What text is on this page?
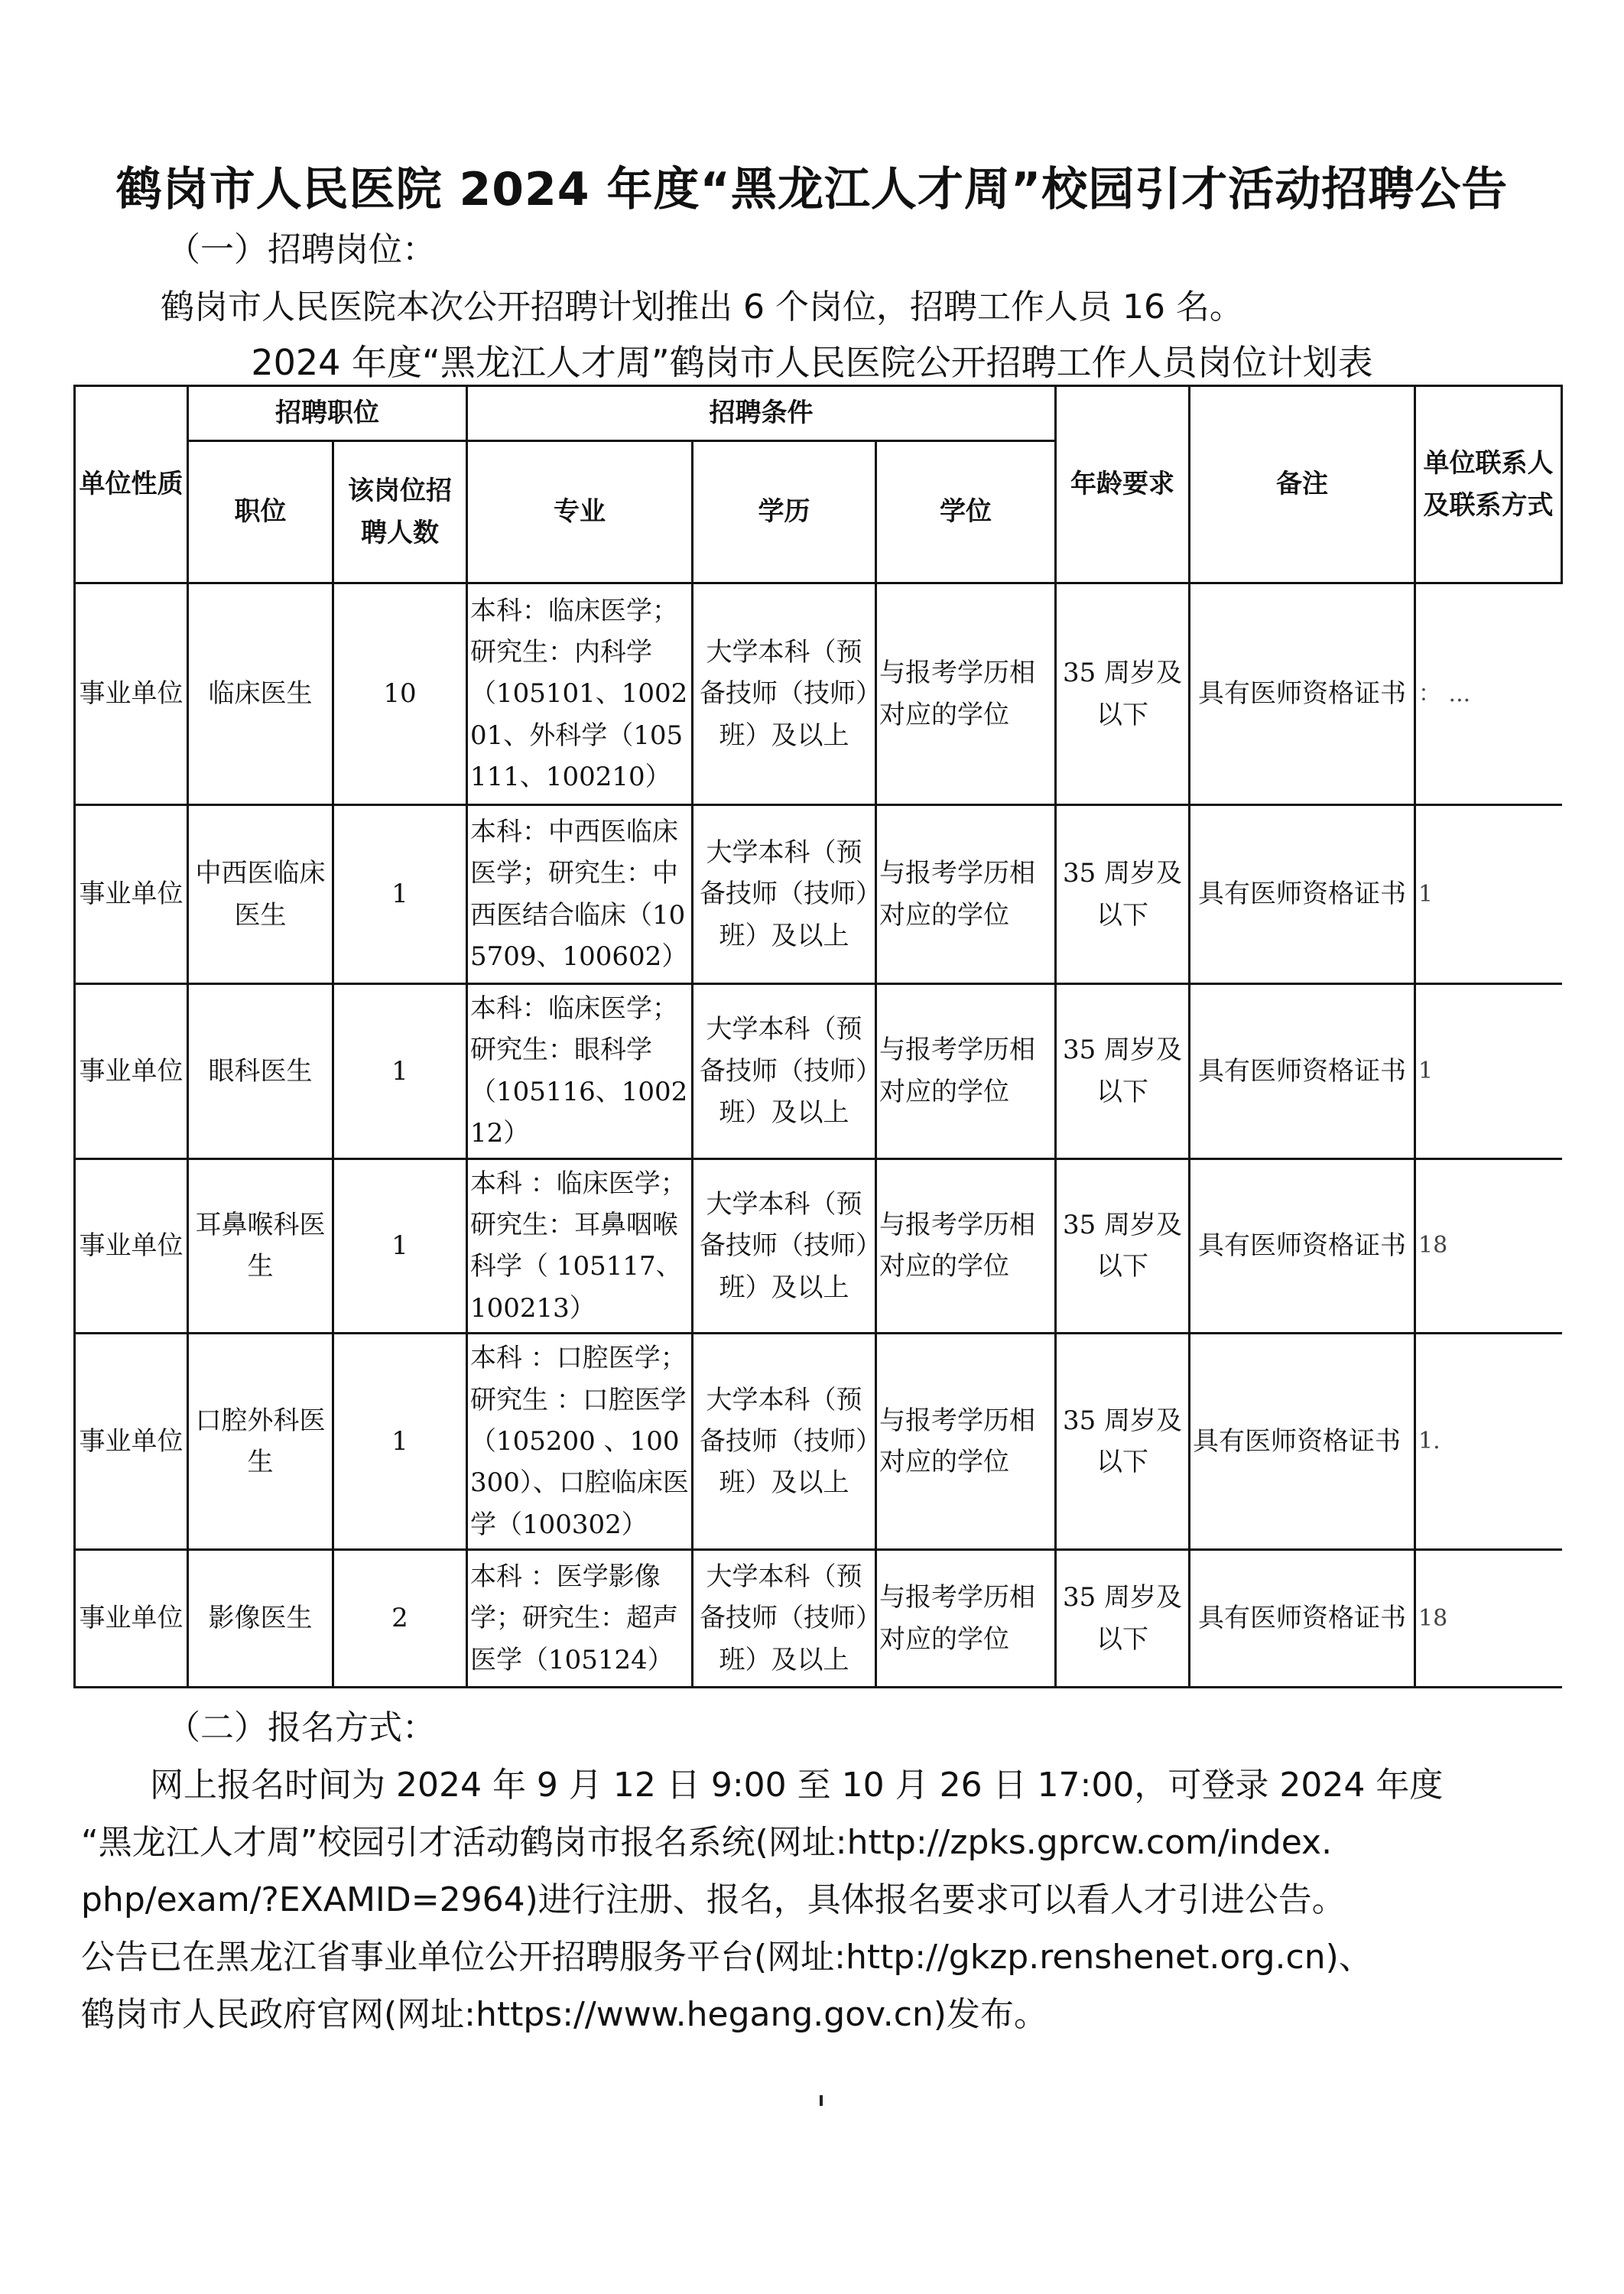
鹤岗市人民医院 2024 年度“黑龙江人才周”校园引才活动招聘公告
（一）招聘岗位：
鹤岗市人民医院本次公开招聘计划推出 6 个岗位，招聘工作人员 16 名。
2024 年度“黑龙江人才周”鹤岗市人民医院公开招聘工作人员岗位计划表
单位性质	招聘职位		招聘条件			年龄要求	备注	单位联系人及联系方式
	职位	该岗位招聘人数	专业	学历	学位			
事业单位	临床医生	10	本科：临床医学；研究生：内科学（105101、100201、外科学（105111、100210）	大学本科（预备技师（技师）班）及以上	与报考学历相对应的学位	35 周岁及以下	具有医师资格证书	： ...
事业单位	中西医临床医生	1	本科：中西医临床医学；研究生：中西医结合临床（105709、100602）	大学本科（预备技师（技师）班）及以上	与报考学历相对应的学位	35 周岁及以下	具有医师资格证书	1
事业单位	眼科医生	1	本科：临床医学；研究生：眼科学（105116、100212）	大学本科（预备技师（技师）班）及以上	与报考学历相对应的学位	35 周岁及以下	具有医师资格证书	1
事业单位	耳鼻喉科医生	1	本科 ：临床医学；研究生：耳鼻咽喉科学（ 105117、100213）	大学本科（预备技师（技师）班）及以上	与报考学历相对应的学位	35 周岁及以下	具有医师资格证书	18
事业单位	口腔外科医生	1	本科 ：口腔医学；研究生 ：口腔医学（105200 、100300）、口腔临床医学（100302）	大学本科（预备技师（技师）班）及以上	与报考学历相对应的学位	35 周岁及以下	具有医师资格证书	1.
事业单位	影像医生	2	本科 ：医学影像学；研究生：超声医学（105124）	大学本科（预备技师（技师）班）及以上	与报考学历相对应的学位	35 周岁及以下	具有医师资格证书	18
（二）报名方式：
网上报名时间为 2024 年 9 月 12 日 9:00 至 10 月 26 日 17:00，可登录 2024 年度
“黑龙江人才周”校园引才活动鹤岗市报名系统(网址:http://zpks.gprcw.com/index.
php/exam/?EXAMID=2964)进行注册、报名，具体报名要求可以看人才引进公告。
公告已在黑龙江省事业单位公开招聘服务平台(网址:http://gkzp.renshenet.org.cn)、
鹤岗市人民政府官网(网址:https://www.hegang.gov.cn)发布。
